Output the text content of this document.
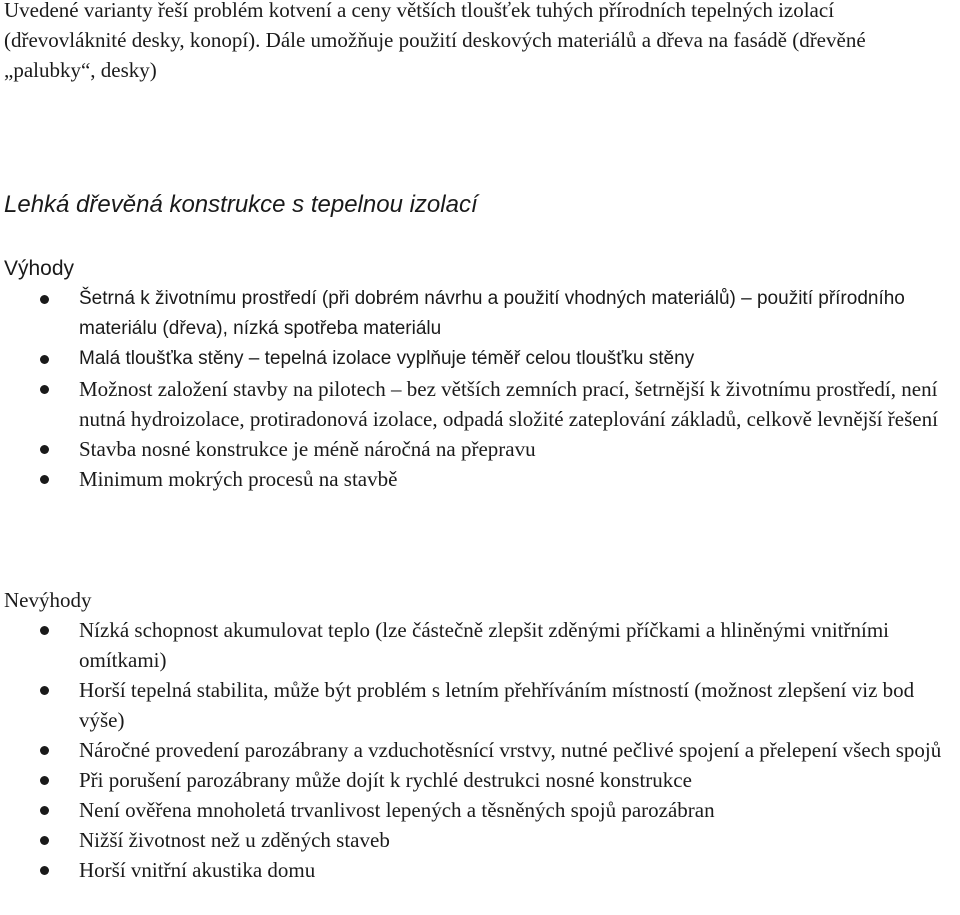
Uvedené varianty řeší problém kotvení a ceny větších tloušťek tuhých přírodních tepelných izolací (dřevovláknité desky, konopí). Dále umožňuje použití deskových materiálů a dřeva na fasádě (dřevěné „palubky“, desky)

Lehká dřevěná konstrukce s tepelnou izolací
Výhody
Šetrná k životnímu prostředí (při dobrém návrhu a použití vhodných materiálů) – použití přírodního materiálu (dřeva), nízká spotřeba materiálu
Malá tloušťka stěny – tepelná izolace vyplňuje téměř celou tloušťku stěny
Možnost založení stavby na pilotech – bez větších zemních prací, šetrnější k životnímu prostředí, není nutná hydroizolace, protiradonová izolace, odpadá složité zateplování základů, celkově levnější řešení
Stavba nosné konstrukce je méně náročná na přepravu
Minimum mokrých procesů na stavbě
Nevýhody
Nízká schopnost akumulovat teplo (lze částečně zlepšit zděnými příčkami a hliněnými vnitřními omítkami)
Horší tepelná stabilita, může být problém s letním přehříváním místností (možnost zlepšení viz bod výše)
Náročné provedení parozábrany a vzduchotěsnící vrstvy, nutné pečlivé spojení a přelepení všech spojů
Při porušení parozábrany může dojít k rychlé destrukci nosné konstrukce
Není ověřena mnoholetá trvanlivost lepených a těsněných spojů parozábran
Nižší životnost než u zděných staveb
Horší vnitřní akustika domu
